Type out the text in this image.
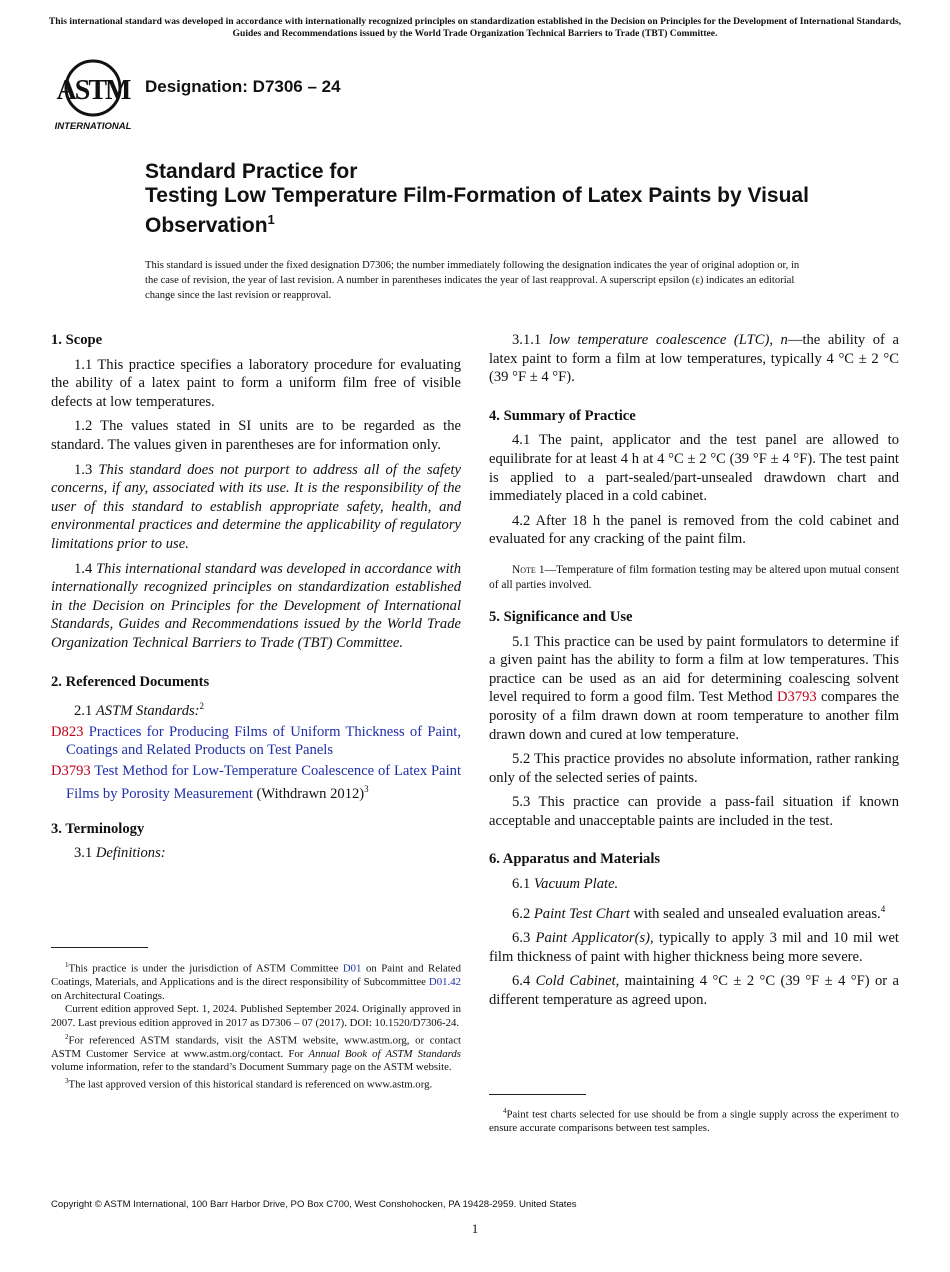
This international standard was developed in accordance with internationally recognized principles on standardization established in the Decision on Principles for the Development of International Standards, Guides and Recommendations issued by the World Trade Organization Technical Barriers to Trade (TBT) Committee.
ASTM
INTERNATIONAL
Designation: D7306 – 24
Standard Practice for
Testing Low Temperature Film-Formation of Latex Paints by Visual Observation$^1$
This standard is issued under the fixed designation D7306; the number immediately following the designation indicates the year of original adoption or, in the case of revision, the year of last revision. A number in parentheses indicates the year of last reapproval. A superscript epsilon (ε) indicates an editorial change since the last revision or reapproval.
1. Scope

1.1 This practice specifies a laboratory procedure for evaluating the ability of a latex paint to form a uniform film free of visible defects at low temperatures.

1.2 The values stated in SI units are to be regarded as the standard. The values given in parentheses are for information only.

1.3 This standard does not purport to address all of the safety concerns, if any, associated with its use. It is the responsibility of the user of this standard to establish appropriate safety, health, and environmental practices and determine the applicability of regulatory limitations prior to use.

1.4 This international standard was developed in accordance with internationally recognized principles on standardization established in the Decision on Principles for the Development of International Standards, Guides and Recommendations issued by the World Trade Organization Technical Barriers to Trade (TBT) Committee.

2. Referenced Documents

2.1 ASTM Standards:$^2$

D823 Practices for Producing Films of Uniform Thickness of Paint, Coatings and Related Products on Test Panels

D3793 Test Method for Low-Temperature Coalescence of Latex Paint Films by Porosity Measurement (Withdrawn 2012)$^3$

3. Terminology

3.1 Definitions:

$^1$This practice is under the jurisdiction of ASTM Committee D01 on Paint and Related Coatings, Materials, and Applications and is the direct responsibility of Subcommittee D01.42 on Architectural Coatings.

Current edition approved Sept. 1, 2024. Published September 2024. Originally approved in 2007. Last previous edition approved in 2017 as D7306 – 07 (2017). DOI: 10.1520/D7306-24.

$^2$For referenced ASTM standards, visit the ASTM website, www.astm.org, or contact ASTM Customer Service at www.astm.org/contact. For Annual Book of ASTM Standards volume information, refer to the standard’s Document Summary page on the ASTM website.

$^3$The last approved version of this historical standard is referenced on www.astm.org.

3.1.1 low temperature coalescence (LTC), n—the ability of a latex paint to form a film at low temperatures, typically 4 °C ± 2 °C (39 °F ± 4 °F).

4. Summary of Practice

4.1 The paint, applicator and the test panel are allowed to equilibrate for at least 4 h at 4 °C ± 2 °C (39 °F ± 4 °F). The test paint is applied to a part-sealed/part-unsealed drawdown chart and immediately placed in a cold cabinet.

4.2 After 18 h the panel is removed from the cold cabinet and evaluated for any cracking of the paint film.

Note 1—Temperature of film formation testing may be altered upon mutual consent of all parties involved.

5. Significance and Use

5.1 This practice can be used by paint formulators to determine if a given paint has the ability to form a film at low temperatures. This practice can be used as an aid for determining coalescing solvent level required to form a good film. Test Method D3793 compares the porosity of a film drawn down at room temperature to another film drawn down and cured at low temperature.

5.2 This practice provides no absolute information, rather ranking only of the selected series of paints.

5.3 This practice can provide a pass-fail situation if known acceptable and unacceptable paints are included in the test.

6. Apparatus and Materials

6.1 Vacuum Plate.

6.2 Paint Test Chart with sealed and unsealed evaluation areas.$^4$

6.3 Paint Applicator(s), typically to apply 3 mil and 10 mil wet film thickness of paint with higher thickness being more severe.

6.4 Cold Cabinet, maintaining 4 °C ± 2 °C (39 °F ± 4 °F) or a different temperature as agreed upon.

$^4$Paint test charts selected for use should be from a single supply across the experiment to ensure accurate comparisons between test samples.

Copyright © ASTM International, 100 Barr Harbor Drive, PO Box C700, West Conshohocken, PA 19428-2959. United States
1
